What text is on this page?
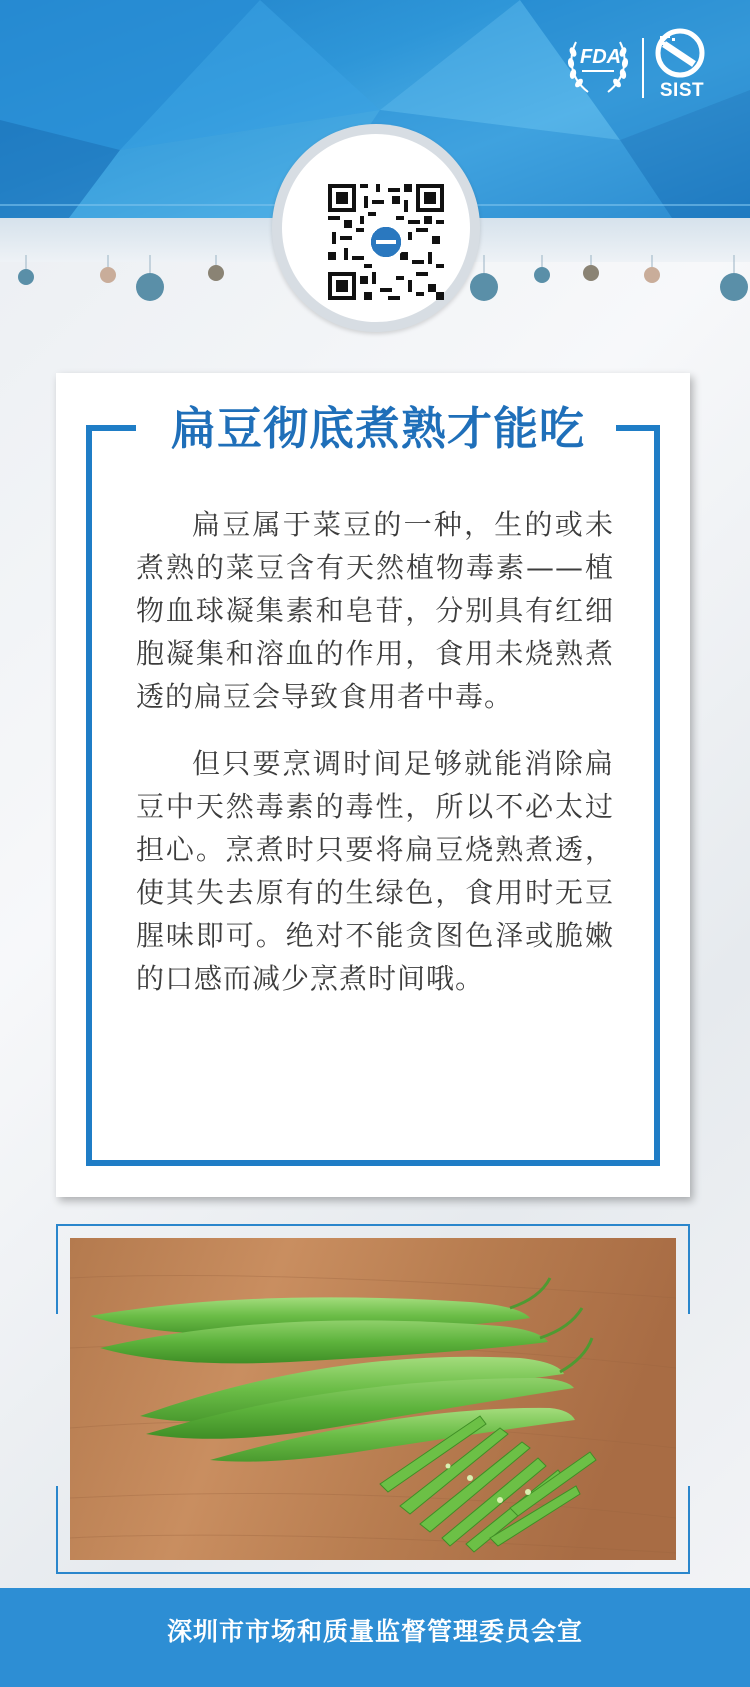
FDA
SIST
扁豆彻底煮熟才能吃

扁豆属于菜豆的一种，生的或未煮熟的菜豆含有天然植物毒素——植物血球凝集素和皂苷，分别具有红细胞凝集和溶血的作用，食用未烧熟煮透的扁豆会导致食用者中毒。

但只要烹调时间足够就能消除扁豆中天然毒素的毒性，所以不必太过担心。烹煮时只要将扁豆烧熟煮透，使其失去原有的生绿色，食用时无豆腥味即可。绝对不能贪图色泽或脆嫩的口感而减少烹煮时间哦。

深圳市市场和质量监督管理委员会宣
